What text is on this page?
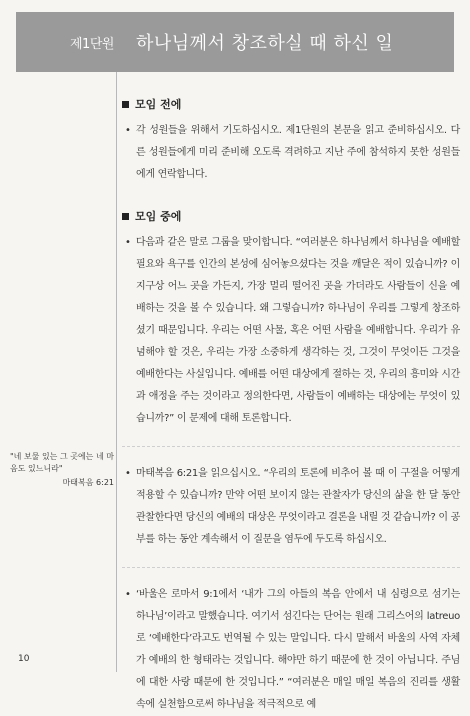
제1단원 하나님께서 창조하실 때 하신 일
모임 전에
• 각 성원들을 위해서 기도하십시오. 제1단원의 본문을 읽고 준비하십시오. 다른 성원들에게 미리 준비해 오도록 격려하고 지난 주에 참석하지 못한 성원들에게 연락합니다.
모임 중에
• 다음과 같은 말로 그룹을 맞이합니다. “여러분은 하나님께서 하나님을 예배할 필요와 욕구를 인간의 본성에 심어놓으셨다는 것을 깨달은 적이 있습니까? 이 지구상 어느 곳을 가든지, 가장 멀리 떨어진 곳을 가더라도 사람들이 신을 예배하는 것을 볼 수 있습니다. 왜 그렇습니까? 하나님이 우리를 그렇게 창조하셨기 때문입니다. 우리는 어떤 사물, 혹은 어떤 사람을 예배합니다. 우리가 유념해야 할 것은, 우리는 가장 소중하게 생각하는 것, 그것이 무엇이든 그것을 예배한다는 사실입니다. 예배를 어떤 대상에게 절하는 것, 우리의 흥미와 시간과 애정을 주는 것이라고 정의한다면, 사람들이 예배하는 대상에는 무엇이 있습니까?” 이 문제에 대해 토론합니다.
• 마태복음 6:21을 읽으십시오. “우리의 토론에 비추어 볼 때 이 구절을 어떻게 적용할 수 있습니까? 만약 어떤 보이지 않는 관찰자가 당신의 삶을 한 달 동안 관찰한다면 당신의 예배의 대상은 무엇이라고 결론을 내릴 것 같습니까? 이 공부를 하는 동안 계속해서 이 질문을 염두에 두도록 하십시오.
• ‘바울은 로마서 9:1에서 ‘내가 그의 아들의 복음 안에서 내 심령으로 섬기는 하나님’이라고 말했습니다. 여기서 섬긴다는 단어는 원래 그리스어의 latreuo로 ‘예배한다’라고도 번역될 수 있는 말입니다. 다시 말해서 바울의 사역 자체가 예배의 한 형태라는 것입니다. 해야만 하기 때문에 한 것이 아닙니다. 주님에 대한 사랑 때문에 한 것입니다.” “여러분은 매일 매일 복음의 진리를 생활 속에 실천함으로써 하나님을 적극적으로 예
"네 보물 있는 그 곳에는 네 마음도 있느니라"
마태복음 6:21
10
